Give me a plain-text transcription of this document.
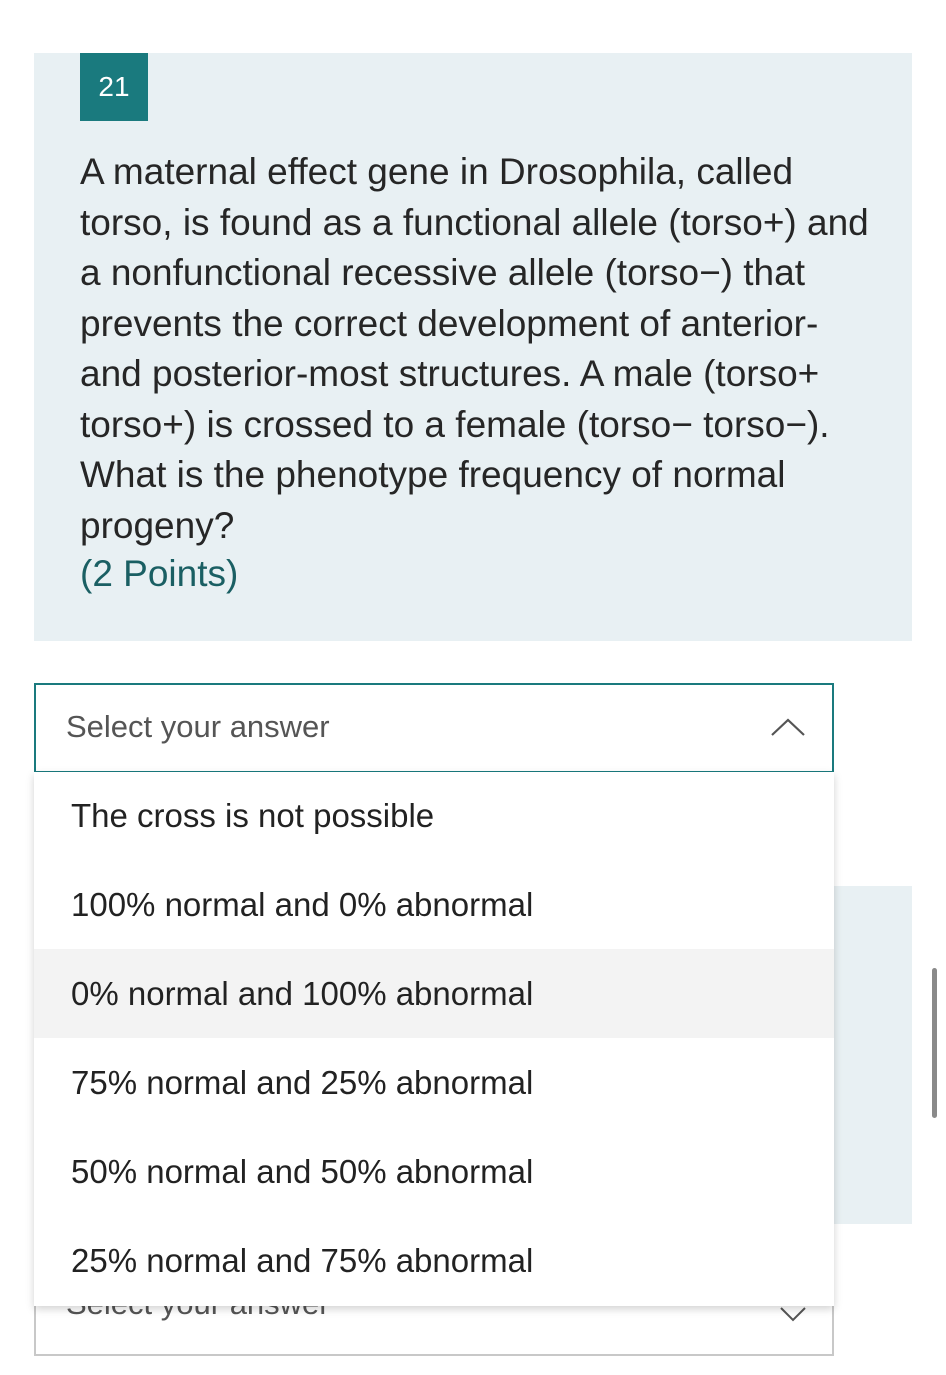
21
A maternal effect gene in Drosophila, called torso, is found as a functional allele (torso+) and a nonfunctional recessive allele (torso−) that prevents the correct development of anterior- and posterior-most structures. A male (torso+ torso+) is crossed to a female (torso− torso−). What is the phenotype frequency of normal progeny?
(2 Points)
Select your answer
The cross is not possible
100% normal and 0% abnormal
0% normal and 100% abnormal
75% normal and 25% abnormal
50% normal and 50% abnormal
25% normal and 75% abnormal
